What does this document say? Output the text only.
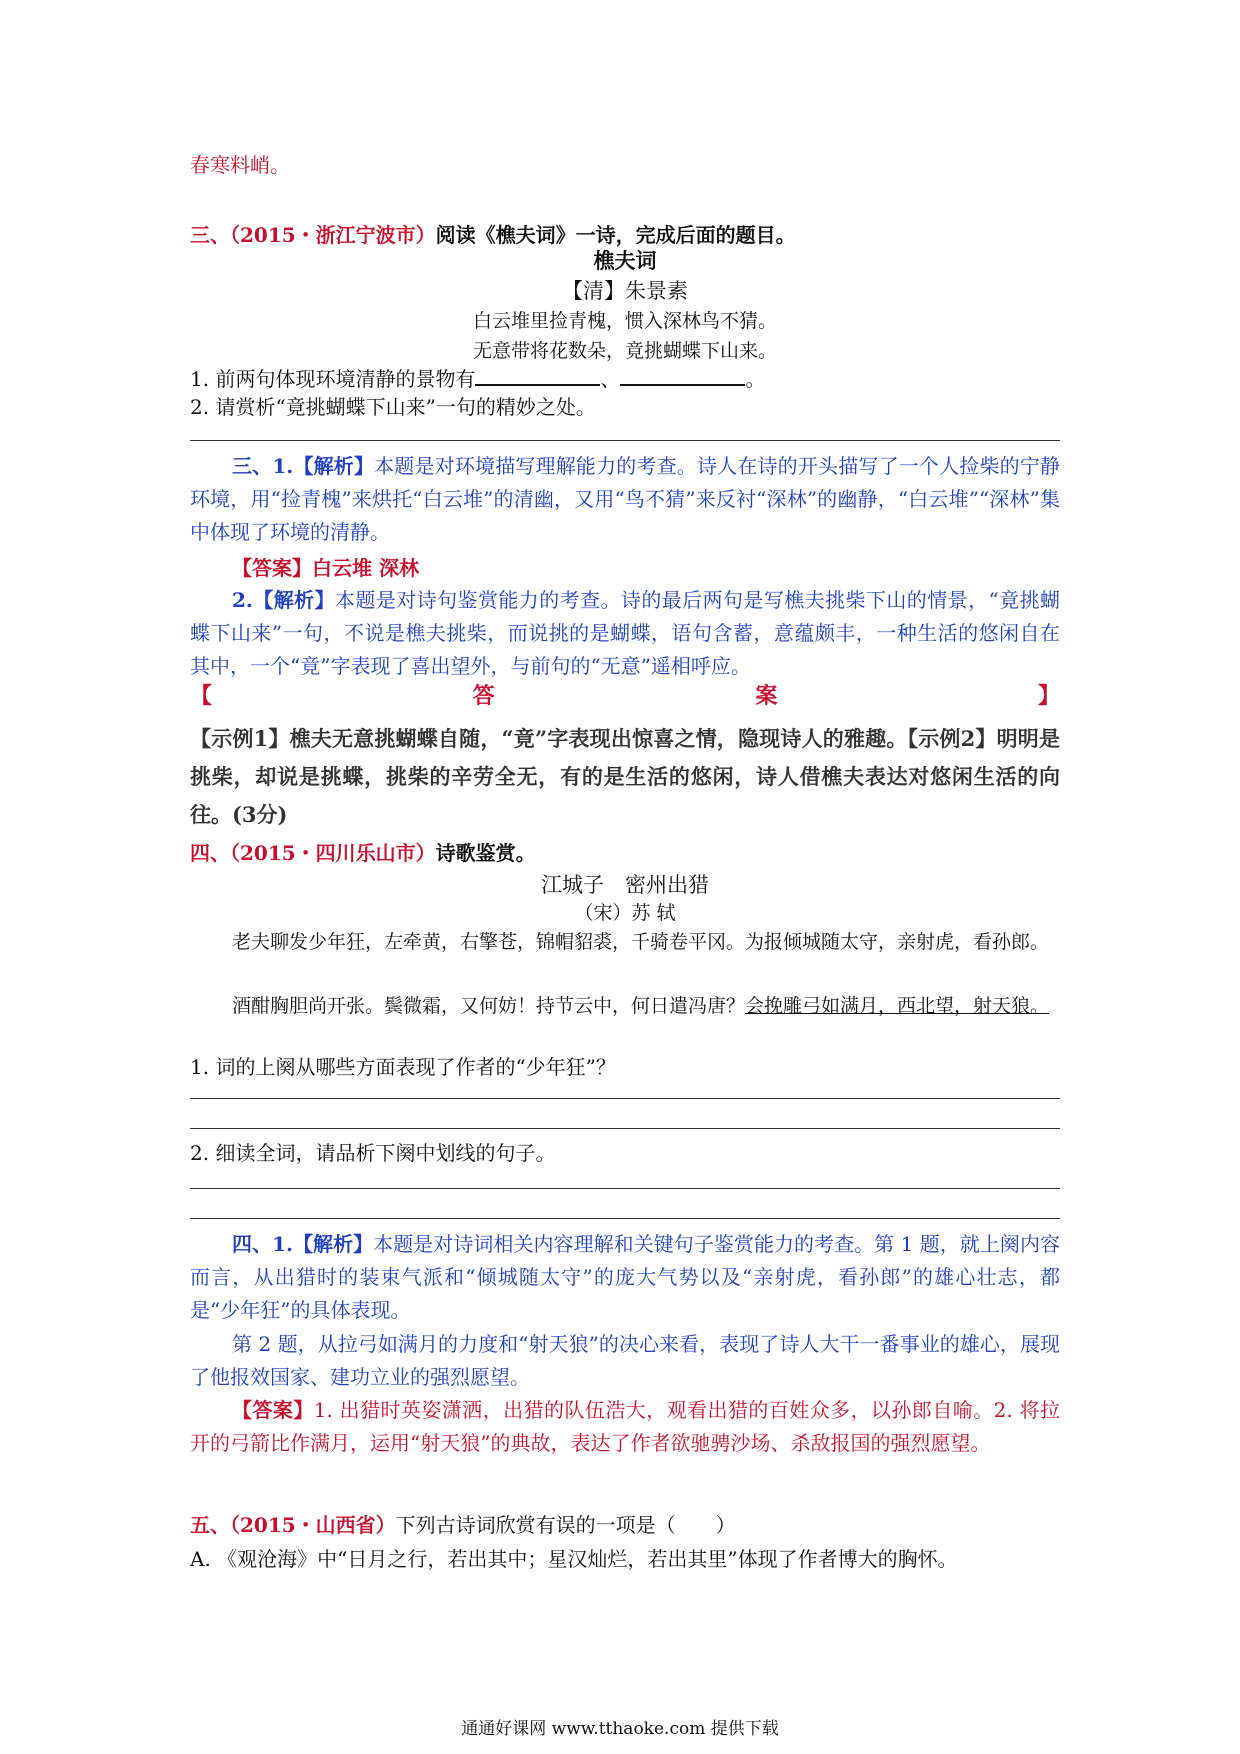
春寒料峭。
三、（2015・浙江宁波市）阅读《樵夫词》一诗，完成后面的题目。
樵夫词
【清】朱景素
白云堆里捡青槐，惯入深林鸟不猜。
无意带将花数朵，竟挑蝴蝶下山来。
1. 前两句体现环境清静的景物有	、	。
2. 请赏析“竟挑蝴蝶下山来”一句的精妙之处。
三、1.【解析】本题是对环境描写理解能力的考查。诗人在诗的开头描写了一个人捡柴的宁静环境，用“捡青槐”来烘托“白云堆”的清幽，又用“鸟不猜”来反衬“深林”的幽静，“白云堆”“深林”集中体现了环境的清静。
【答案】白云堆 深林
2.【解析】本题是对诗句鉴赏能力的考查。诗的最后两句是写樵夫挑柴下山的情景，“竟挑蝴蝶下山来”一句，不说是樵夫挑柴，而说挑的是蝴蝶，语句含蓄，意蕴颇丰，一种生活的悠闲自在其中，一个“竟”字表现了喜出望外，与前句的“无意”遥相呼应。
【	答	案	】
【示例1】樵夫无意挑蝴蝶自随，“竟”字表现出惊喜之情，隐现诗人的雅趣。【示例2】明明是挑柴，却说是挑蝶，挑柴的辛劳全无，有的是生活的悠闲，诗人借樵夫表达对悠闲生活的向往。(3分)
四、（2015・四川乐山市）诗歌鉴赏。
江城子　密州出猎
（宋）苏 轼
老夫聊发少年狂，左牵黄，右擎苍，锦帽貂裘，千骑卷平冈。为报倾城随太守，亲射虎，看孙郎。
酒酣胸胆尚开张。鬓微霜，又何妨！持节云中，何日遣冯唐？会挽雕弓如满月，西北望，射天狼。
1. 词的上阕从哪些方面表现了作者的“少年狂”？
2. 细读全词，请品析下阕中划线的句子。
四、1.【解析】本题是对诗词相关内容理解和关键句子鉴赏能力的考查。第 1 题，就上阕内容而言，从出猎时的装束气派和“倾城随太守”的庞大气势以及“亲射虎，看孙郎”的雄心壮志，都是“少年狂”的具体表现。
第 2 题，从拉弓如满月的力度和“射天狼”的决心来看，表现了诗人大干一番事业的雄心，展现了他报效国家、建功立业的强烈愿望。
【答案】1. 出猎时英姿潇洒，出猎的队伍浩大，观看出猎的百姓众多，以孙郎自喻。2. 将拉开的弓箭比作满月，运用“射天狼”的典故，表达了作者欲驰骋沙场、杀敌报国的强烈愿望。
五、（2015・山西省）下列古诗词欣赏有误的一项是（　　）
A. 《观沧海》中“日月之行，若出其中；星汉灿烂，若出其里”体现了作者博大的胸怀。
通通好课网 www.tthaoke.com 提供下载
